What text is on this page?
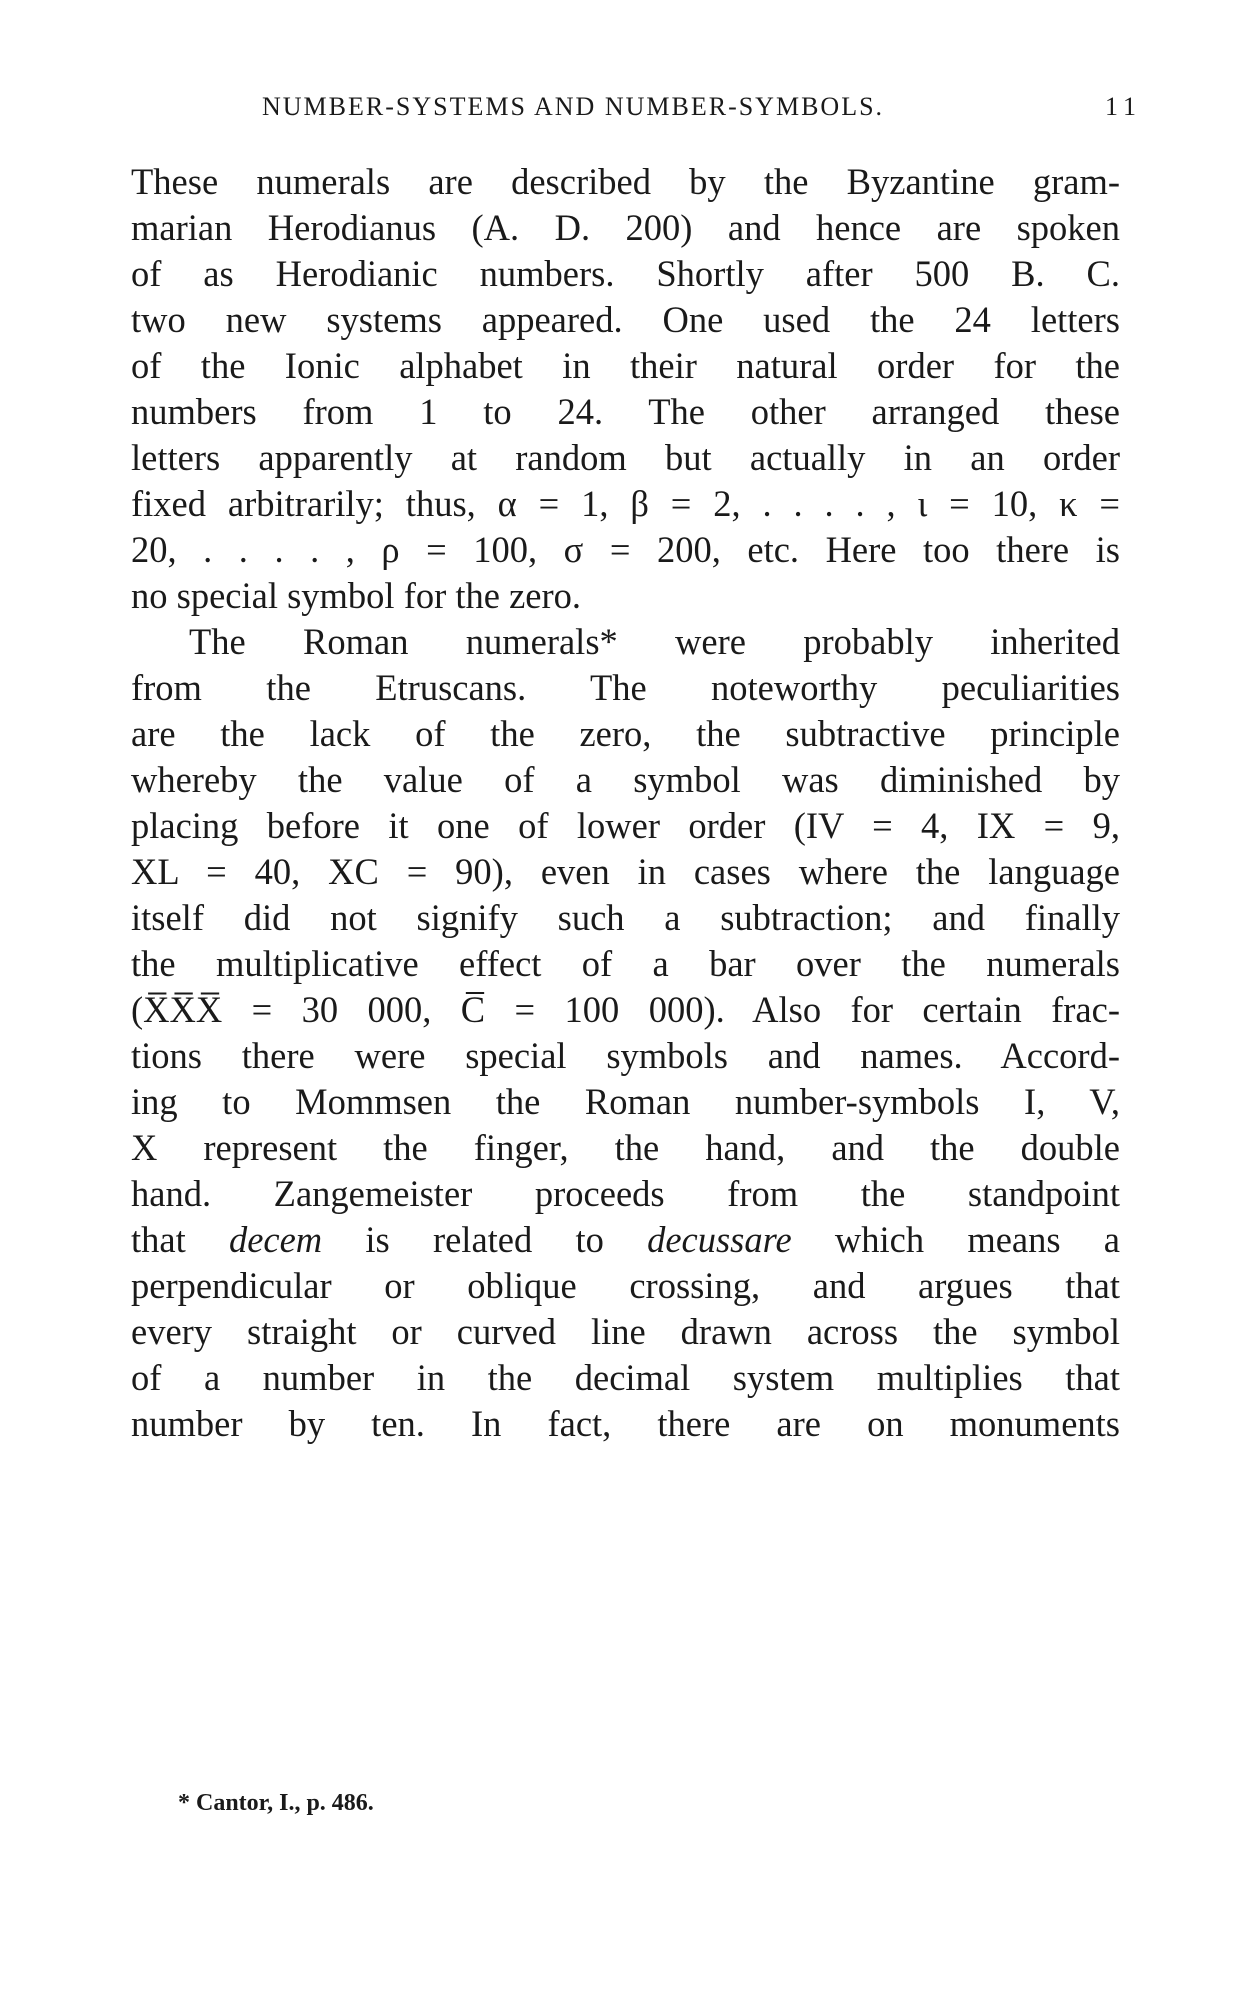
NUMBER-SYSTEMS AND NUMBER-SYMBOLS.	11
These numerals are described by the Byzantine gram-
marian Herodianus (A. D. 200) and hence are spoken
of as Herodianic numbers. Shortly after 500 B. C.
two new systems appeared. One used the 24 letters
of the Ionic alphabet in their natural order for the
numbers from 1 to 24. The other arranged these
letters apparently at random but actually in an order
fixed arbitrarily; thus, α = 1, β = 2, . . . . , ι = 10, κ =
20, . . . . , ρ = 100, σ = 200, etc. Here too there is
no special symbol for the zero.
The Roman numerals* were probably inherited
from the Etruscans. The noteworthy peculiarities
are the lack of the zero, the subtractive principle
whereby the value of a symbol was diminished by
placing before it one of lower order (IV = 4, IX = 9,
XL = 40, XC = 90), even in cases where the language
itself did not signify such a subtraction; and finally
the multiplicative effect of a bar over the numerals
(X̅X̅X̅ = 30 000, C̅ = 100 000). Also for certain frac-
tions there were special symbols and names. Accord-
ing to Mommsen the Roman number-symbols I, V,
X represent the finger, the hand, and the double
hand. Zangemeister proceeds from the standpoint
that decem is related to decussare which means a
perpendicular or oblique crossing, and argues that
every straight or curved line drawn across the symbol
of a number in the decimal system multiplies that
number by ten. In fact, there are on monuments
* Cantor, I., p. 486.
